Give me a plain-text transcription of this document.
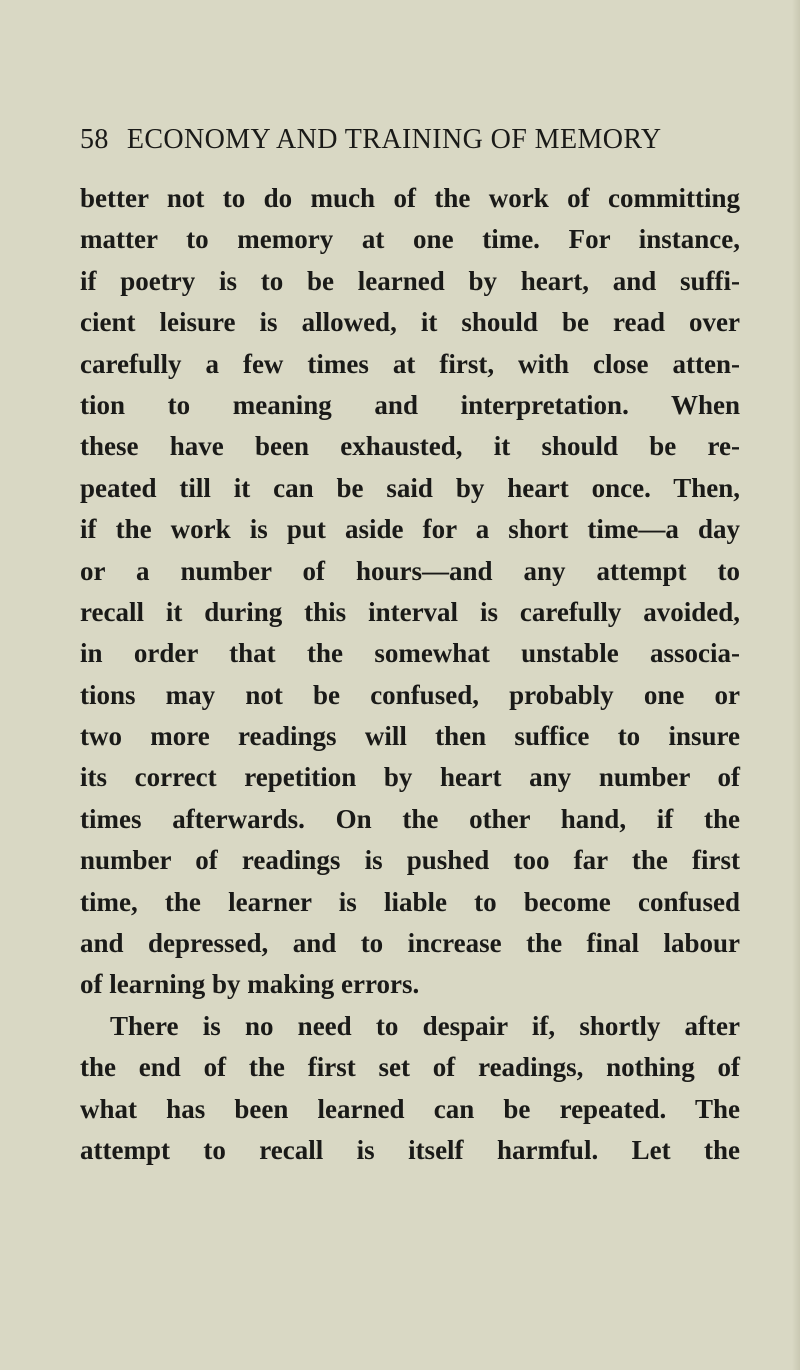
58 ECONOMY AND TRAINING OF MEMORY
better not to do much of the work of committing
matter to memory at one time. For instance,
if poetry is to be learned by heart, and suffi-
cient leisure is allowed, it should be read over
carefully a few times at first, with close atten-
tion to meaning and interpretation. When
these have been exhausted, it should be re-
peated till it can be said by heart once. Then,
if the work is put aside for a short time—a day
or a number of hours—and any attempt to
recall it during this interval is carefully avoided,
in order that the somewhat unstable associa-
tions may not be confused, probably one or
two more readings will then suffice to insure
its correct repetition by heart any number of
times afterwards. On the other hand, if the
number of readings is pushed too far the first
time, the learner is liable to become confused
and depressed, and to increase the final labour
of learning by making errors.
There is no need to despair if, shortly after
the end of the first set of readings, nothing of
what has been learned can be repeated. The
attempt to recall is itself harmful. Let the
